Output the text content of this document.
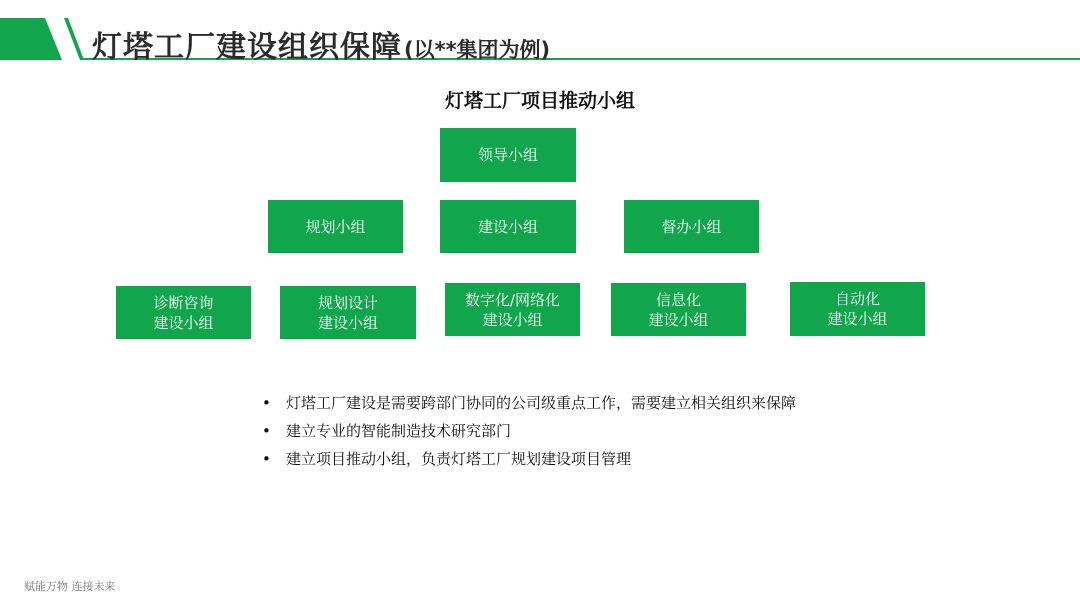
灯塔工厂建设组织保障 (以**集团为例)
灯塔工厂项目推动小组
领导小组
规划小组	建设小组	督办小组
诊断咨询
建设小组
规划设计
建设小组
数字化/网络化
建设小组
信息化
建设小组
自动化
建设小组
• 灯塔工厂建设是需要跨部门协同的公司级重点工作，需要建立相关组织来保障
• 建立专业的智能制造技术研究部门
• 建立项目推动小组，负责灯塔工厂规划建设项目管理
赋能万物 连接未来
